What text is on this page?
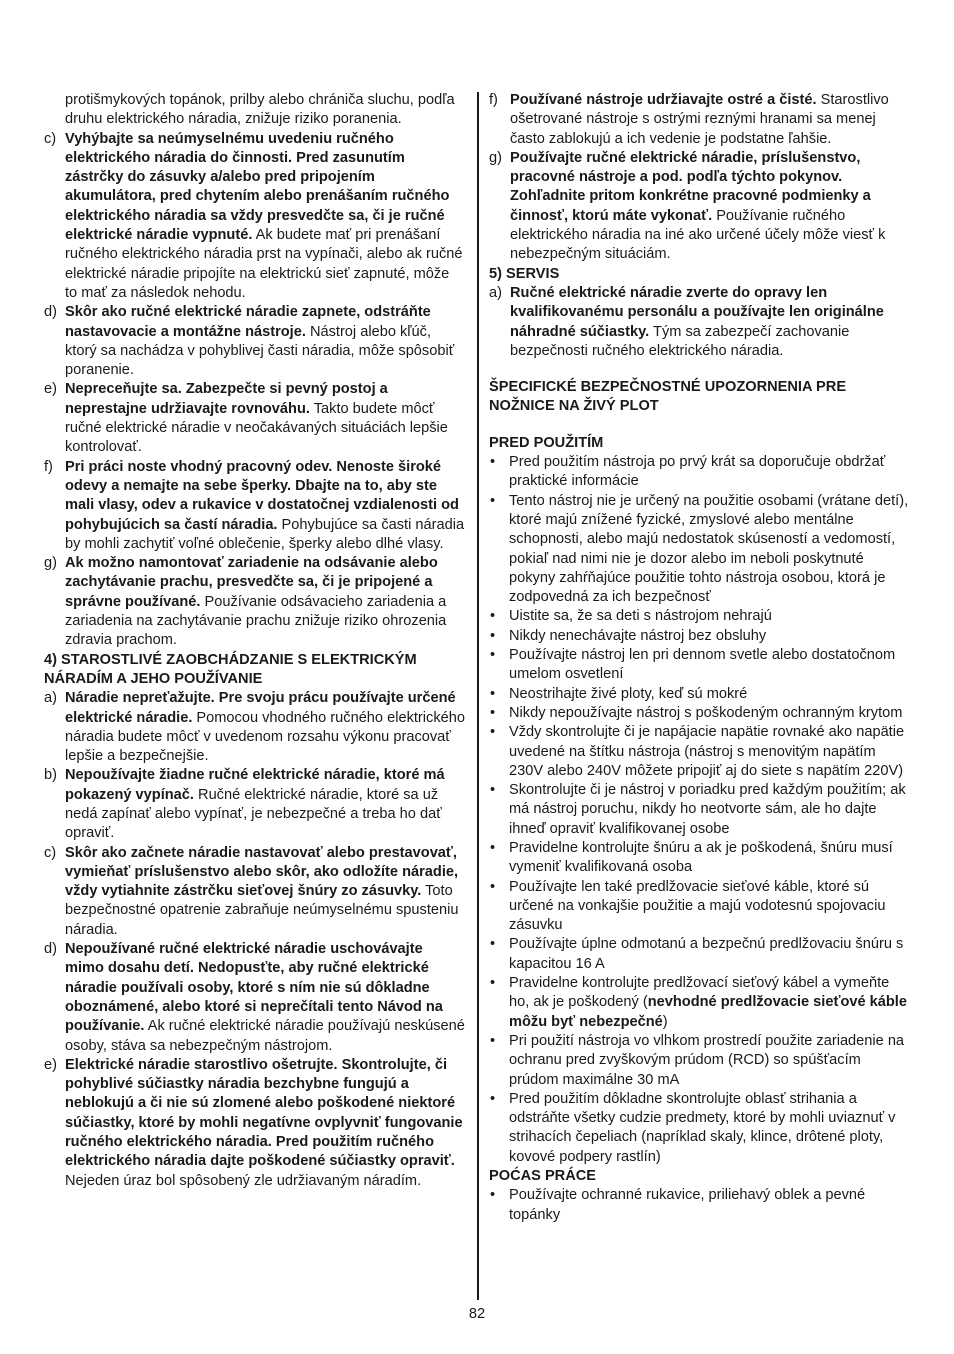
protišmykových topánok, prilby alebo chrániča sluchu, podľa druhu elektrického náradia, znižuje riziko poranenia.
c) Vyhýbajte sa neúmyselnému uvedeniu ručného elektrického náradia do činnosti. Pred zasunutím zástrčky do zásuvky a/alebo pred pripojením akumulátora, pred chytením alebo prenášaním ručného elektrického náradia sa vždy presvedčte sa, či je ručné elektrické náradie vypnuté. Ak budete mať pri prenášaní ručného elektrického náradia prst na vypínači, alebo ak ručné elektrické náradie pripojíte na elektrickú sieť zapnuté, môže to mať za následok nehodu.
d) Skôr ako ručné elektrické náradie zapnete, odstráňte nastavovacie a montážne nástroje. Nástroj alebo kľúč, ktorý sa nachádza v pohyblivej časti náradia, môže spôsobiť poranenie.
e) Nepreceňujte sa. Zabezpečte si pevný postoj a neprestajne udržiavajte rovnováhu. Takto budete môcť ručné elektrické náradie v neočakávaných situáciách lepšie kontrolovať.
f) Pri práci noste vhodný pracovný odev. Nenoste široké odevy a nemajte na sebe šperky. Dbajte na to, aby ste mali vlasy, odev a rukavice v dostatočnej vzdialenosti od pohybujúcich sa častí náradia. Pohybujúce sa časti náradia by mohli zachytiť voľné oblečenie, šperky alebo dlhé vlasy.
g) Ak možno namontovať zariadenie na odsávanie alebo zachytávanie prachu, presvedčte sa, či je pripojené a správne používané. Používanie odsávacieho zariadenia a zariadenia na zachytávanie prachu znižuje riziko ohrozenia zdravia prachom.
4) STAROSTLIVÉ ZAOBCHÁDZANIE S ELEKTRICKÝM NÁRADÍM A JEHO POUŽÍVANIE
a) Náradie nepreťažujte. Pre svoju prácu používajte určené elektrické náradie. Pomocou vhodného ručného elektrického náradia budete môcť v uvedenom rozsahu výkonu pracovať lepšie a bezpečnejšie.
b) Nepoužívajte žiadne ručné elektrické náradie, ktoré má pokazený vypínač. Ručné elektrické náradie, ktoré sa už nedá zapínať alebo vypínať, je nebezpečné a treba ho dať opraviť.
c) Skôr ako začnete náradie nastavovať alebo prestavovať, vymieňať príslušenstvo alebo skôr, ako odložíte náradie, vždy vytiahnite zástrčku sieťovej šnúry zo zásuvky. Toto bezpečnostné opatrenie zabraňuje neúmyselnému spusteniu náradia.
d) Nepoužívané ručné elektrické náradie uschovávajte mimo dosahu detí. Nedopusťte, aby ručné elektrické náradie používali osoby, ktoré s ním nie sú dôkladne oboznámené, alebo ktoré si neprečítali tento Návod na používanie. Ak ručné elektrické náradie používajú neskúsené osoby, stáva sa nebezpečným nástrojom.
e) Elektrické náradie starostlivo ošetrujte. Skontrolujte, či pohyblivé súčiastky náradia bezchybne fungujú a neblokujú a či nie sú zlomené alebo poškodené niektoré súčiastky, ktoré by mohli negatívne ovplyvniť fungovanie ručného elektrického náradia. Pred použitím ručného elektrického náradia dajte poškodené súčiastky opraviť. Nejeden úraz bol spôsobený zle udržiavaným náradím.
f) Používané nástroje udržiavajte ostré a čisté. Starostlivo ošetrované nástroje s ostrými reznými hranami sa menej často zablokujú a ich vedenie je podstatne ľahšie.
g) Používajte ručné elektrické náradie, príslušenstvo, pracovné nástroje a pod. podľa týchto pokynov. Zohľadnite pritom konkrétne pracovné podmienky a činnosť, ktorú máte vykonať. Používanie ručného elektrického náradia na iné ako určené účely môže viesť k nebezpečným situáciám.
5) SERVIS
a) Ručné elektrické náradie zverte do opravy len kvalifikovanému personálu a používajte len originálne náhradné súčiastky. Tým sa zabezpečí zachovanie bezpečnosti ručného elektrického náradia.
ŠPECIFICKÉ BEZPEČNOSTNÉ UPOZORNENIA PRE NOŽNICE NA ŽIVÝ PLOT
PRED POUŽITÍM
• Pred použitím nástroja po prvý krát sa doporučuje obdržať praktické informácie
• Tento nástroj nie je určený na použitie osobami (vrátane detí), ktoré majú znížené fyzické, zmyslové alebo mentálne schopnosti, alebo majú nedostatok skúseností a vedomostí, pokiaľ nad nimi nie je dozor alebo im neboli poskytnuté pokyny zahŕňajúce použitie tohto nástroja osobou, ktorá je zodpovedná za ich bezpečnosť
• Uistite sa, že sa deti s nástrojom nehrajú
• Nikdy nenechávajte nástroj bez obsluhy
• Používajte nástroj len pri dennom svetle alebo dostatočnom umelom osvetlení
• Neostrihajte živé ploty, keď sú mokré
• Nikdy nepoužívajte nástroj s poškodeným ochranným krytom
• Vždy skontrolujte či je napájacie napätie rovnaké ako napätie uvedené na štítku nástroja (nástroj s menovitým napätím 230V alebo 240V môžete pripojiť aj do siete s napätím 220V)
• Skontrolujte či je nástroj v poriadku pred každým použitím; ak má nástroj poruchu, nikdy ho neotvorte sám, ale ho dajte ihneď opraviť kvalifikovanej osobe
• Pravidelne kontrolujte šnúru a ak je poškodená, šnúru musí vymeniť kvalifikovaná osoba
• Používajte len také predlžovacie sieťové káble, ktoré sú určené na vonkajšie použitie a majú vodotesnú spojovaciu zásuvku
• Používajte úplne odmotanú a bezpečnú predlžovaciu šnúru s kapacitou 16 A
• Pravidelne kontrolujte predlžovací sieťový kábel a vymeňte ho, ak je poškodený (nevhodné predlžovacie sieťové káble môžu byť nebezpečné)
• Pri použití nástroja vo vlhkom prostredí použite zariadenie na ochranu pred zvyškovým prúdom (RCD) so spúšťacím prúdom maximálne 30 mA
• Pred použitím dôkladne skontrolujte oblasť strihania a odstráňte všetky cudzie predmety, ktoré by mohli uviaznuť v strihacích čepeliach (napríklad skaly, klince, drôtené ploty, kovové podpery rastlín)
POĆAS PRÁCE
• Používajte ochranné rukavice, priliehavý oblek a pevné topánky
82
